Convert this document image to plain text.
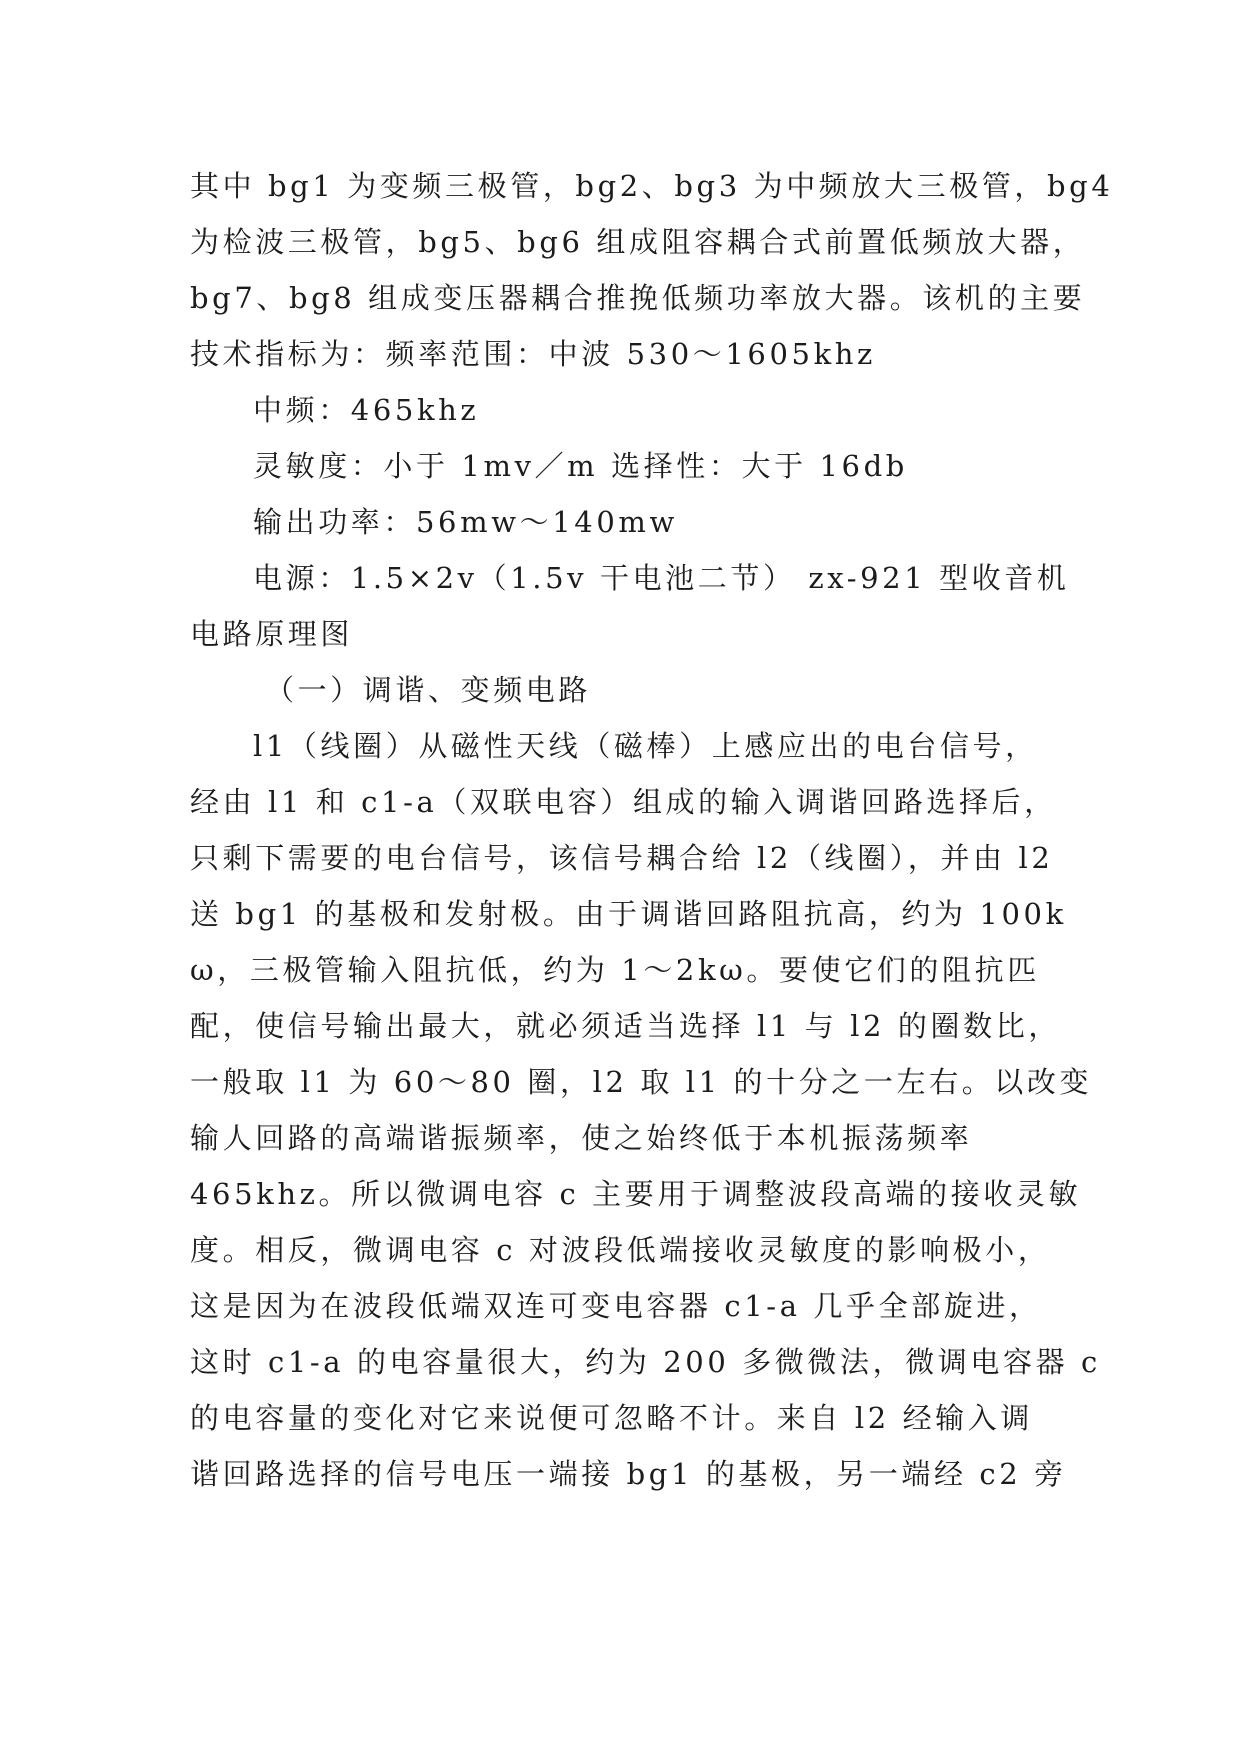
其中 bg1 为变频三极管，bg2、bg3 为中频放大三极管，bg4
为检波三极管，bg5、bg6 组成阻容耦合式前置低频放大器，
bg7、bg8 组成变压器耦合推挽低频功率放大器。该机的主要
技术指标为：频率范围：中波 530～1605khz
中频：465khz
灵敏度：小于 1mv／m 选择性：大于 16db
输出功率：56mw～140mw
电源：1.5×2v（1.5v 干电池二节） zx-921 型收音机
电路原理图
（一）调谐、变频电路
l1（线圈）从磁性天线（磁棒）上感应出的电台信号，
经由 l1 和 c1-a（双联电容）组成的输入调谐回路选择后，
只剩下需要的电台信号，该信号耦合给 l2（线圈），并由 l2
送 bg1 的基极和发射极。由于调谐回路阻抗高，约为 100k
ω，三极管输入阻抗低，约为 1～2kω。要使它们的阻抗匹
配，使信号输出最大，就必须适当选择 l1 与 l2 的圈数比，
一般取 l1 为 60～80 圈，l2 取 l1 的十分之一左右。以改变
输人回路的高端谐振频率，使之始终低于本机振荡频率
465khz。所以微调电容 c 主要用于调整波段高端的接收灵敏
度。相反，微调电容 c 对波段低端接收灵敏度的影响极小，
这是因为在波段低端双连可变电容器 c1-a 几乎全部旋进，
这时 c1-a 的电容量很大，约为 200 多微微法，微调电容器 c
的电容量的变化对它来说便可忽略不计。来自 l2 经输入调
谐回路选择的信号电压一端接 bg1 的基极，另一端经 c2 旁
